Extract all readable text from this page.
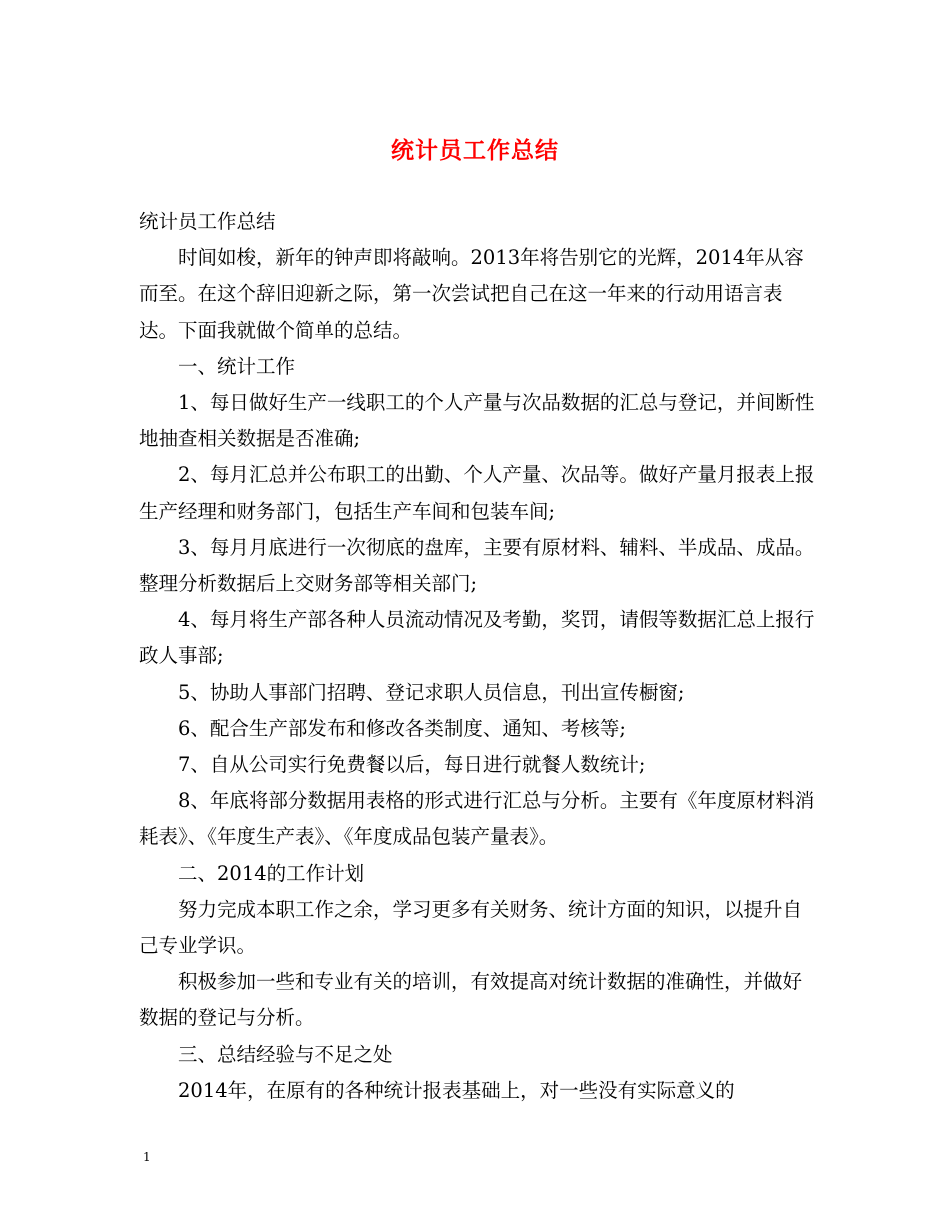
统计员工作总结

统计员工作总结

时间如梭，新年的钟声即将敲响。2013年将告别它的光辉，2014年从容而至。在这个辞旧迎新之际，第一次尝试把自己在这一年来的行动用语言表达。下面我就做个简单的总结。

一、统计工作

1、每日做好生产一线职工的个人产量与次品数据的汇总与登记，并间断性地抽查相关数据是否准确;

2、每月汇总并公布职工的出勤、个人产量、次品等。做好产量月报表上报生产经理和财务部门，包括生产车间和包装车间;

3、每月月底进行一次彻底的盘库，主要有原材料、辅料、半成品、成品。整理分析数据后上交财务部等相关部门;

4、每月将生产部各种人员流动情况及考勤，奖罚，请假等数据汇总上报行政人事部;

5、协助人事部门招聘、登记求职人员信息，刊出宣传橱窗;

6、配合生产部发布和修改各类制度、通知、考核等;

7、自从公司实行免费餐以后，每日进行就餐人数统计;

8、年底将部分数据用表格的形式进行汇总与分析。主要有《年度原材料消耗表》、《年度生产表》、《年度成品包装产量表》。

二、2014的工作计划

努力完成本职工作之余，学习更多有关财务、统计方面的知识，以提升自己专业学识。

积极参加一些和专业有关的培训，有效提高对统计数据的准确性，并做好数据的登记与分析。

三、总结经验与不足之处

2014年，在原有的各种统计报表基础上，对一些没有实际意义的

1
